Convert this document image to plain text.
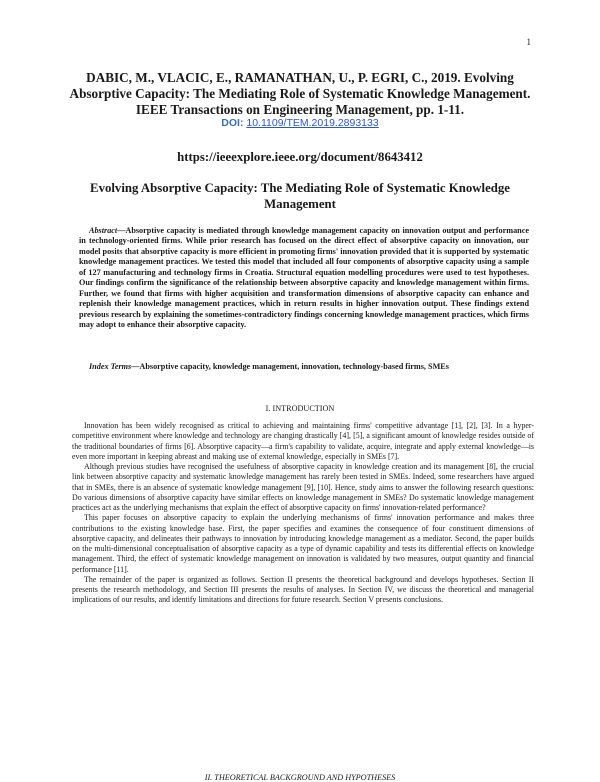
1
DABIC, M., VLACIC, E., RAMANATHAN, U., P. EGRI, C., 2019. Evolving Absorptive Capacity: The Mediating Role of Systematic Knowledge Management. IEEE Transactions on Engineering Management, pp. 1-11.
DOI: 10.1109/TEM.2019.2893133
https://ieeexplore.ieee.org/document/8643412
Evolving Absorptive Capacity: The Mediating Role of Systematic Knowledge Management

Abstract—Absorptive capacity is mediated through knowledge management capacity on innovation output and performance in technology-oriented firms. While prior research has focused on the direct effect of absorptive capacity on innovation, our model posits that absorptive capacity is more efficient in promoting firms' innovation provided that it is supported by systematic knowledge management practices. We tested this model that included all four components of absorptive capacity using a sample of 127 manufacturing and technology firms in Croatia. Structural equation modelling procedures were used to test hypotheses. Our findings confirm the significance of the relationship between absorptive capacity and knowledge management within firms. Further, we found that firms with higher acquisition and transformation dimensions of absorptive capacity can enhance and replenish their knowledge management practices, which in return results in higher innovation output. These findings extend previous research by explaining the sometimes-contradictory findings concerning knowledge management practices, which firms may adopt to enhance their absorptive capacity.

Index Terms—Absorptive capacity, knowledge management, innovation, technology-based firms, SMEs

I. INTRODUCTION

Innovation has been widely recognised as critical to achieving and maintaining firms' competitive advantage [1], [2], [3]. In a hyper-competitive environment where knowledge and technology are changing drastically [4], [5], a significant amount of knowledge resides outside of the traditional boundaries of firms [6]. Absorptive capacity—a firm's capability to validate, acquire, integrate and apply external knowledge—is even more important in keeping abreast and making use of external knowledge, especially in SMEs [7].

Although previous studies have recognised the usefulness of absorptive capacity in knowledge creation and its management [8], the crucial link between absorptive capacity and systematic knowledge management has rarely been tested in SMEs. Indeed, some researchers have argued that in SMEs, there is an absence of systematic knowledge management [9], [10]. Hence, study aims to answer the following research questions: Do various dimensions of absorptive capacity have similar effects on knowledge management in SMEs? Do systematic knowledge management practices act as the underlying mechanisms that explain the effect of absorptive capacity on firms' innovation-related performance?

This paper focuses on absorptive capacity to explain the underlying mechanisms of firms' innovation performance and makes three contributions to the existing knowledge base. First, the paper specifies and examines the consequence of four constituent dimensions of absorptive capacity, and delineates their pathways to innovation by introducing knowledge management as a mediator. Second, the paper builds on the multi-dimensional conceptualisation of absorptive capacity as a type of dynamic capability and tests its differential effects on knowledge management. Third, the effect of systematic knowledge management on innovation is validated by two measures, output quantity and financial performance [11].

The remainder of the paper is organized as follows. Section II presents the theoretical background and develops hypotheses. Section II presents the research methodology, and Section III presents the results of analyses. In Section IV, we discuss the theoretical and managerial implications of our results, and identify limitations and directions for future research. Section V presents conclusions.

II. THEORETICAL BACKGROUND AND HYPOTHESES
